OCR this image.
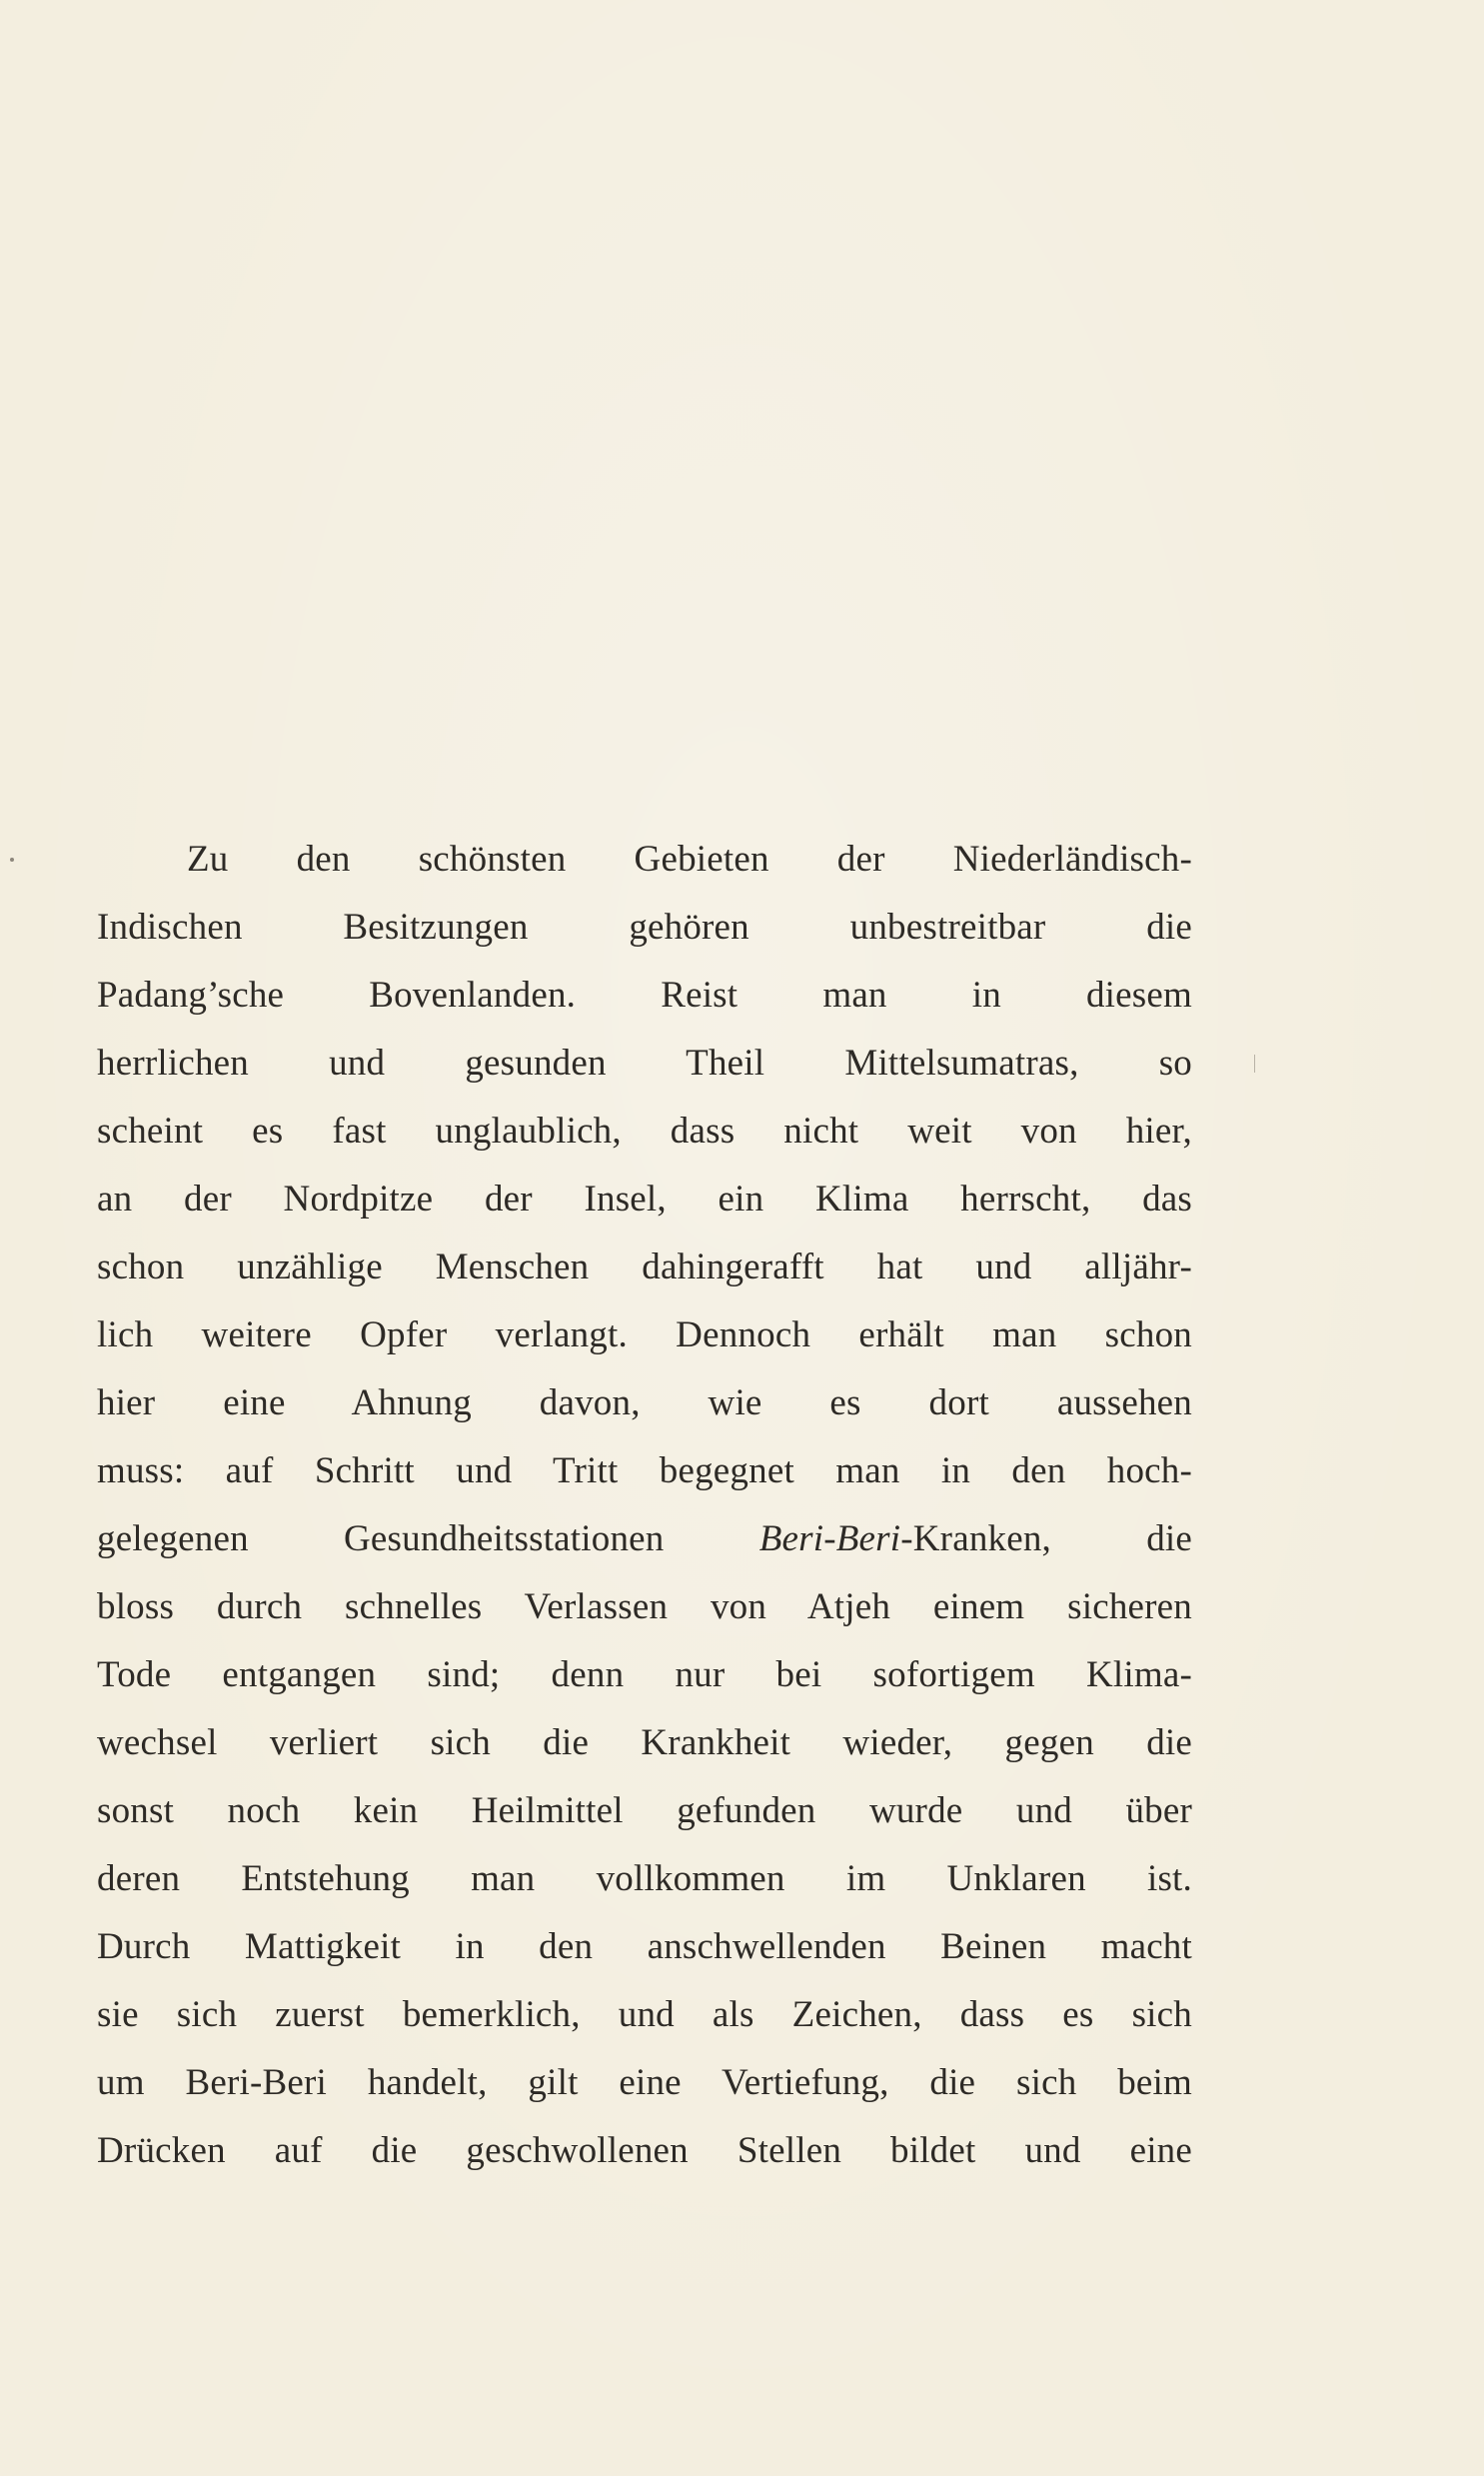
Zu den schönsten Gebieten der Niederländisch-
Indischen Besitzungen gehören unbestreitbar die
Padang’sche Bovenlanden. Reist man in diesem
herrlichen und gesunden Theil Mittelsumatras, so
scheint es fast unglaublich, dass nicht weit von hier,
an der Nordpitze der Insel, ein Klima herrscht, das
schon unzählige Menschen dahingerafft hat und alljähr-
lich weitere Opfer verlangt. Dennoch erhält man schon
hier eine Ahnung davon, wie es dort aussehen
muss: auf Schritt und Tritt begegnet man in den hoch-
gelegenen Gesundheitsstationen	Beri-Beri-Kranken, die
bloss durch schnelles Verlassen von Atjeh einem sicheren
Tode entgangen sind; denn nur bei sofortigem Klima-
wechsel verliert sich die Krankheit wieder, gegen die
sonst noch kein Heilmittel gefunden wurde und über
deren Entstehung man vollkommen im Unklaren ist.
Durch Mattigkeit in den anschwellenden Beinen macht
sie sich zuerst bemerklich, und als Zeichen, dass es sich
um Beri-Beri handelt, gilt eine Vertiefung, die sich beim
Drücken auf die geschwollenen Stellen bildet und eine
